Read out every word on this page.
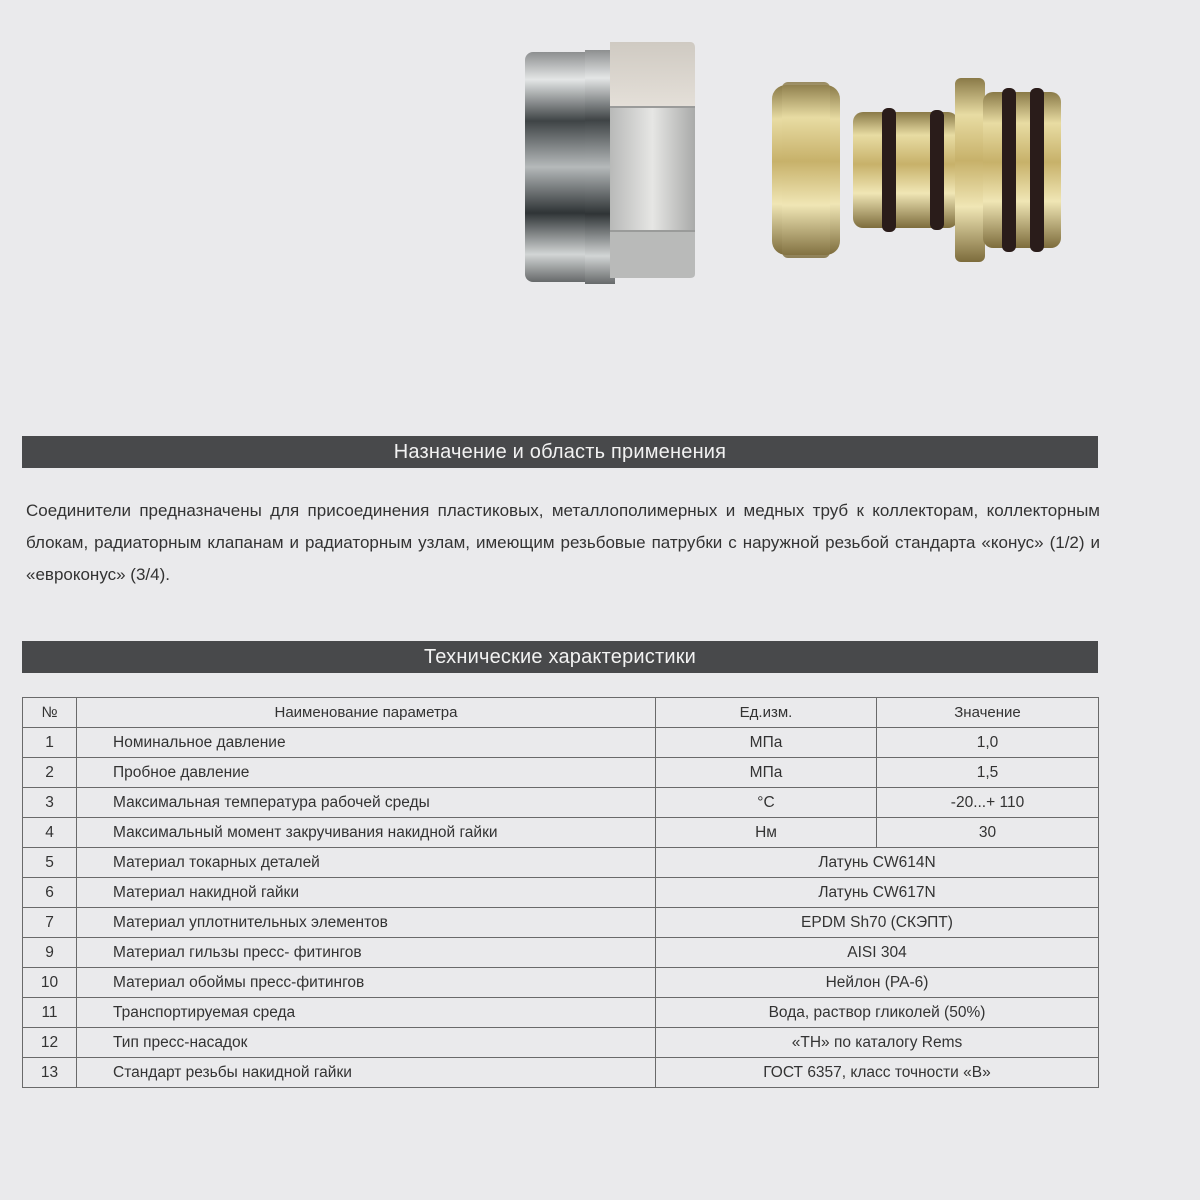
Назначение и область применения
Соединители предназначены для присоединения пластиковых, металлополимерных и медных труб к коллекторам, коллекторным блокам, радиаторным клапанам и радиаторным узлам, имеющим резьбовые патрубки с наружной резьбой стандарта «конус» (1/2) и «евроконус» (3/4).
Технические характеристики
№	Наименование параметра	Ед.изм.	Значение
1	Номинальное давление	МПа	1,0
2	Пробное давление	МПа	1,5
3	Максимальная температура рабочей среды	°С	-20...+ 110
4	Максимальный момент закручивания накидной гайки	Нм	30
5	Материал токарных деталей	Латунь CW614N	
6	Материал накидной гайки	Латунь CW617N	
7	Материал уплотнительных элементов	EPDM Sh70 (СКЭПТ)	
9	Материал гильзы пресс- фитингов	AISI 304	
10	Материал обоймы пресс-фитингов	Нейлон (PA-6)	
11	Транспортируемая среда	Вода, раствор гликолей (50%)	
12	Тип пресс-насадок	«TH» по каталогу Rems	
13	Стандарт резьбы накидной гайки	ГОСТ 6357, класс точности «В»	
